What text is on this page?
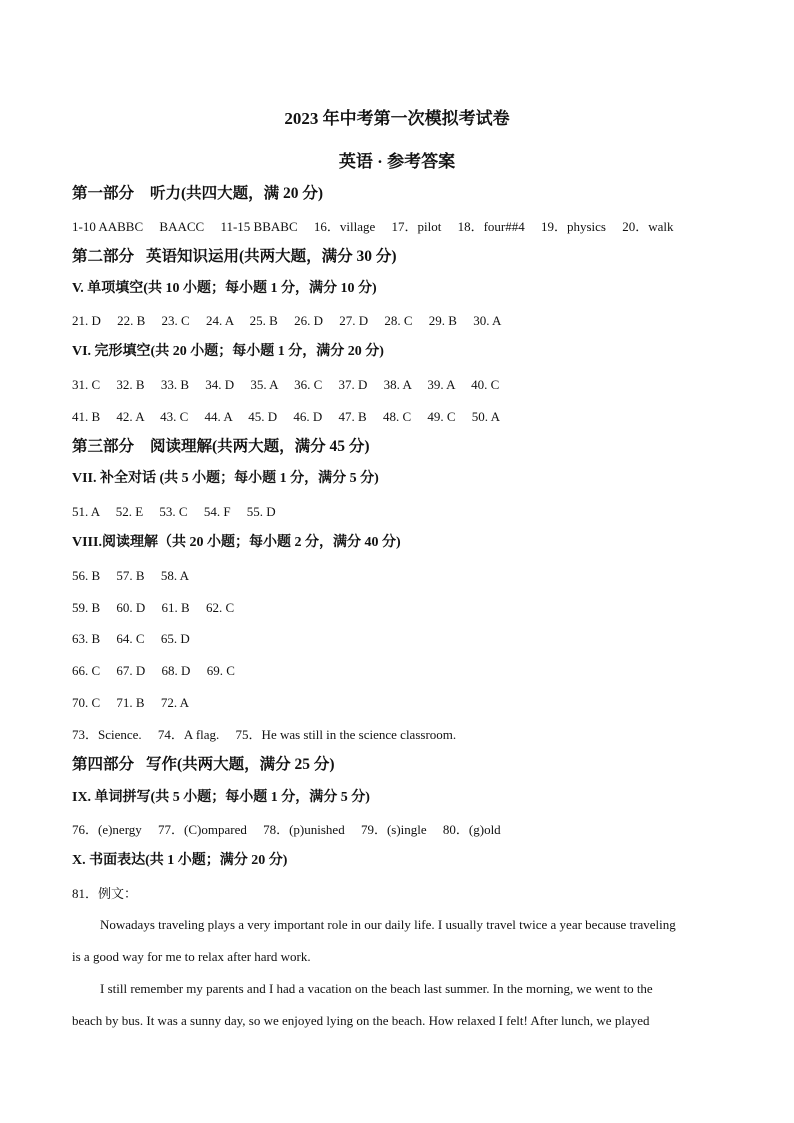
2023 年中考第一次模拟考试卷
英语 · 参考答案
第一部分 听力(共四大题，满 20 分)
1-10 AABBC     BAACC     11-15 BBABC     16．village     17．pilot     18．four##4     19．physics     20．walk
第二部分 英语知识运用(共两大题，满分 30 分)
V. 单项填空(共 10 小题；每小题 1 分，满分 10 分)
21. D     22. B     23. C     24. A     25. B     26. D     27. D     28. C     29. B     30. A
VI. 完形填空(共 20 小题；每小题 1 分，满分 20 分)
31. C     32. B     33. B     34. D     35. A     36. C     37. D     38. A     39. A     40. C
41. B     42. A     43. C     44. A     45. D     46. D     47. B     48. C     49. C     50. A
第三部分 阅读理解(共两大题，满分 45 分)
VII. 补全对话 (共 5 小题；每小题 1 分，满分 5 分)
51. A     52. E     53. C     54. F     55. D
VIII.阅读理解（共 20 小题；每小题 2 分，满分 40 分)
56. B     57. B     58. A
59. B     60. D     61. B     62. C
63. B     64. C     65. D
66. C     67. D     68. D     69. C
70. C     71. B     72. A
73．Science.     74．A flag.     75．He was still in the science classroom.
第四部分 写作(共两大题，满分 25 分)
IX. 单词拼写(共 5 小题；每小题 1 分，满分 5 分)
76．(e)nergy     77．(C)ompared     78．(p)unished     79．(s)ingle     80．(g)old
X. 书面表达(共 1 小题；满分 20 分)
81．例文：
Nowadays traveling plays a very important role in our daily life. I usually travel twice a year because traveling
is a good way for me to relax after hard work.
I still remember my parents and I had a vacation on the beach last summer. In the morning, we went to the
beach by bus. It was a sunny day, so we enjoyed lying on the beach. How relaxed I felt! After lunch, we played
